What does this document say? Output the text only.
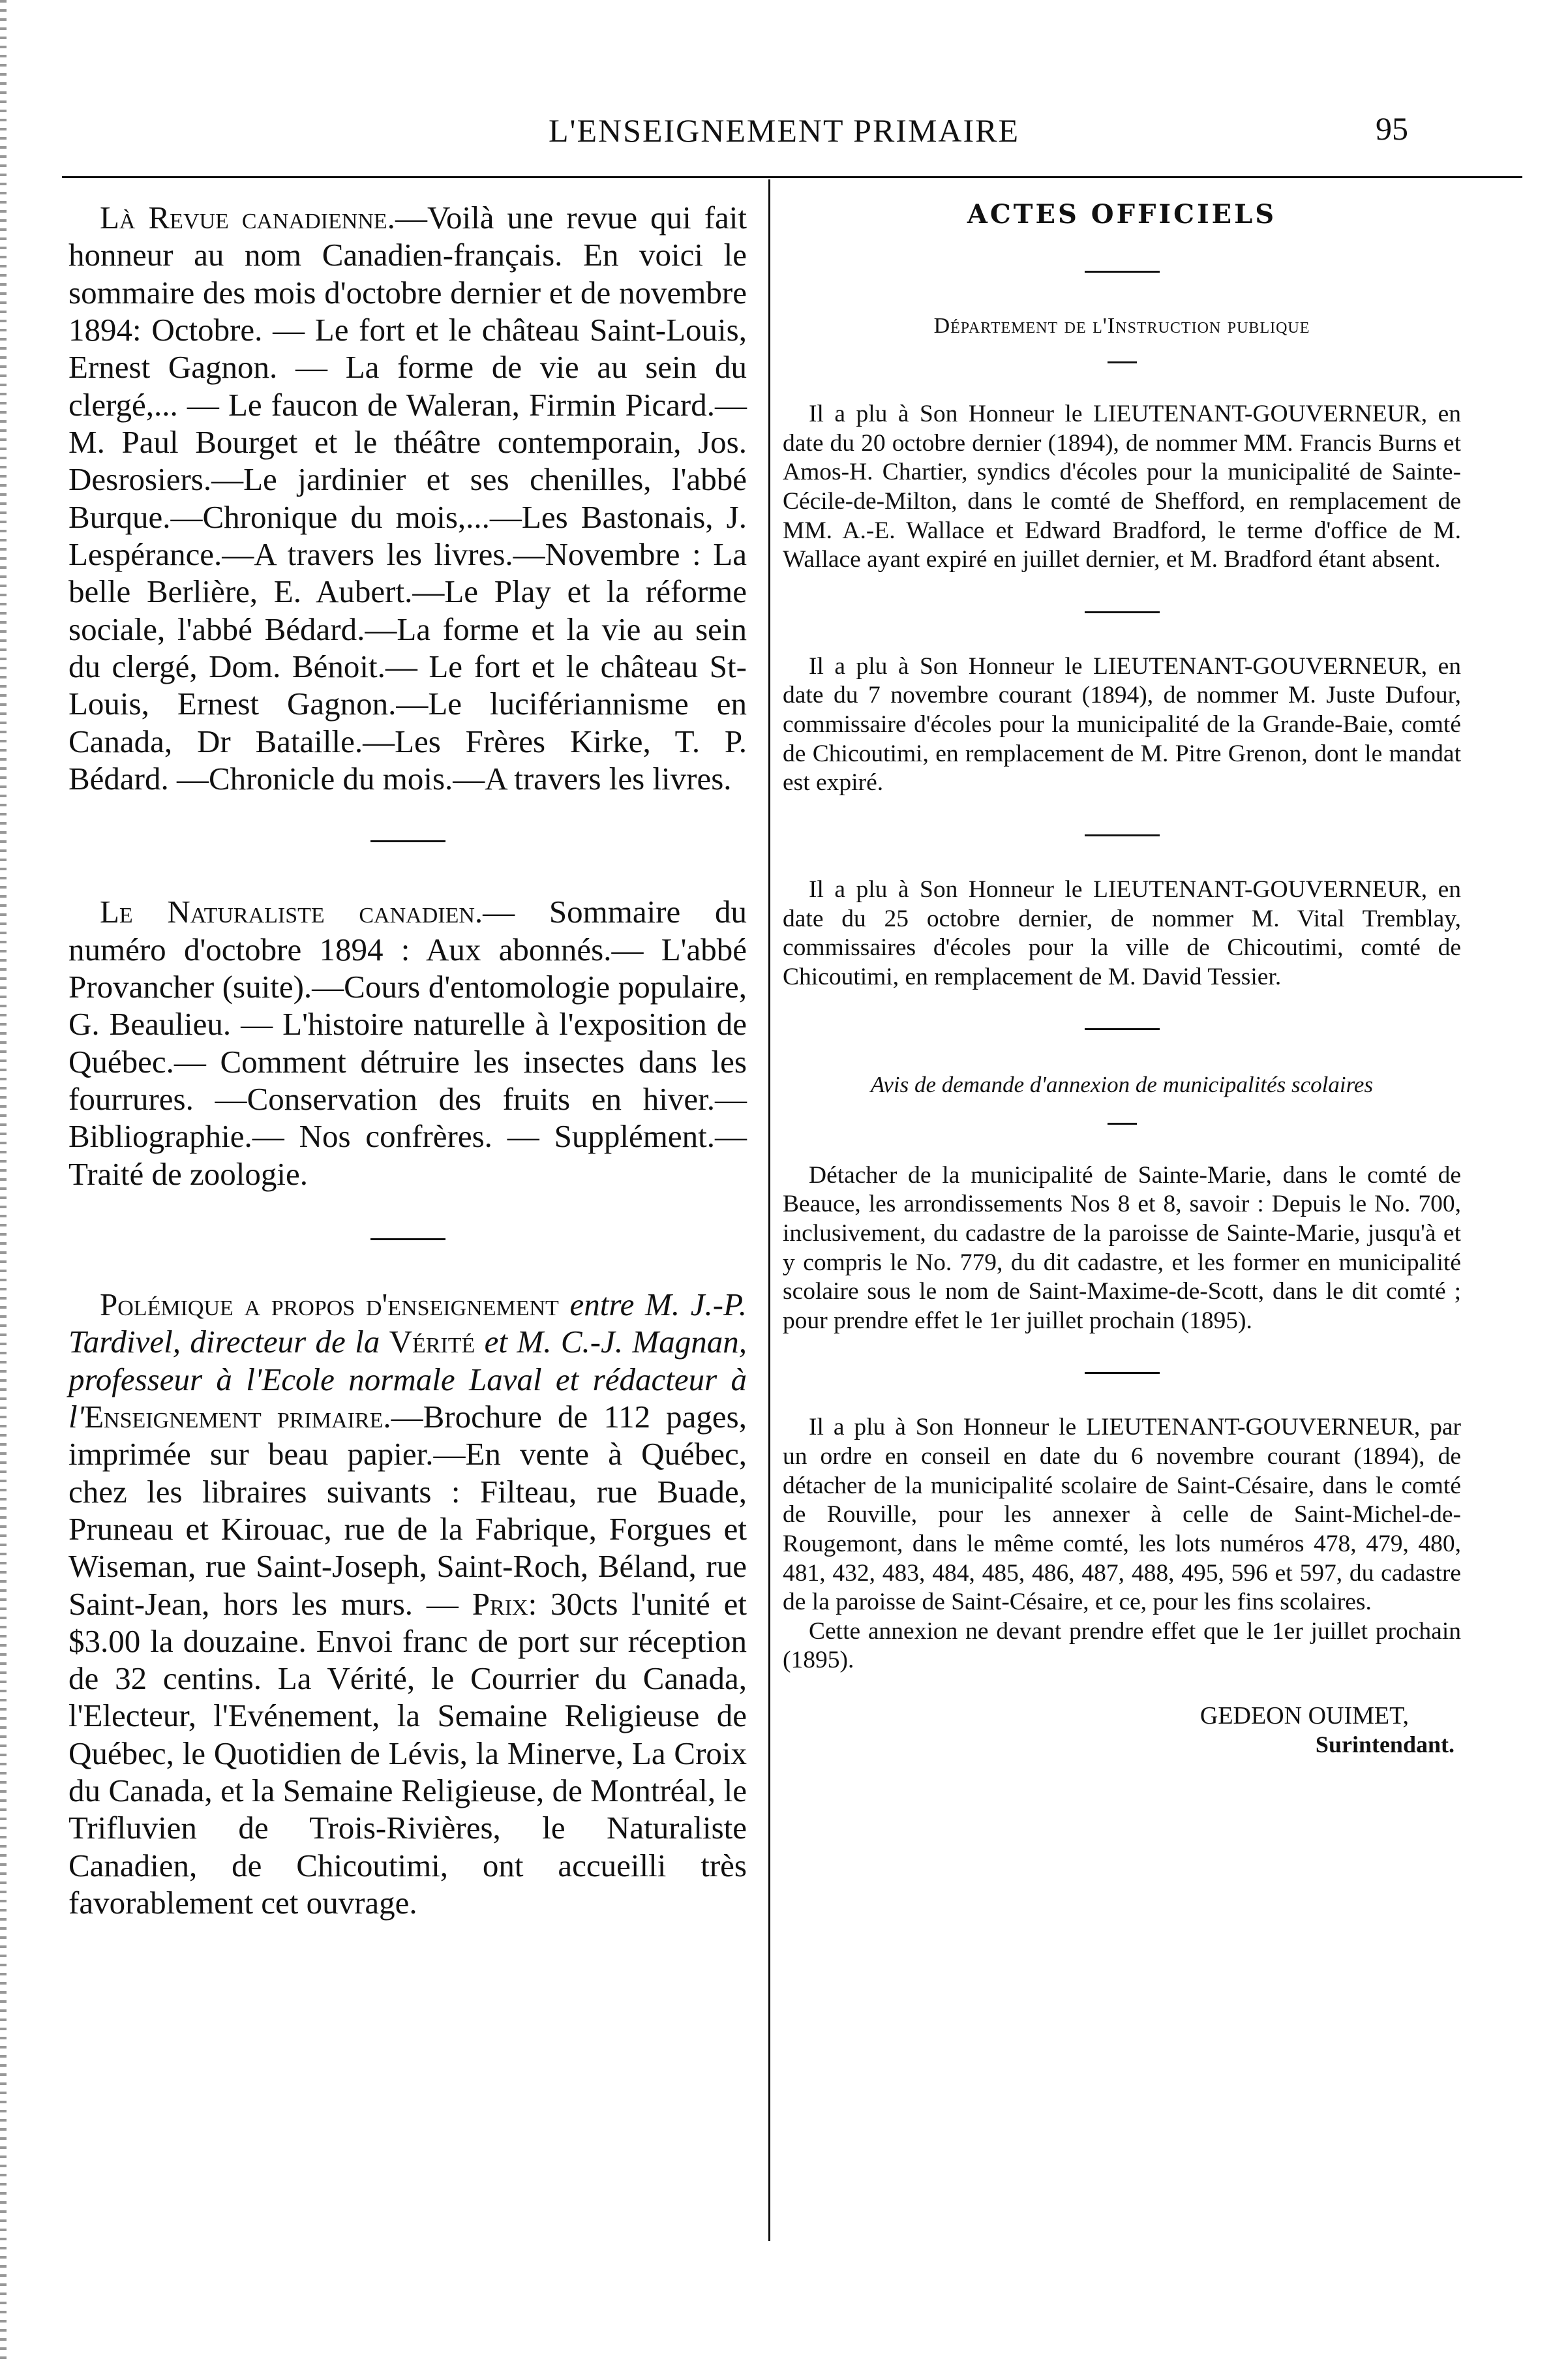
L'ENSEIGNEMENT PRIMAIRE	95

Là Revue canadienne.—Voilà une revue qui fait honneur au nom Canadien-français. En voici le sommaire des mois d'octobre dernier et de novembre 1894: Octobre. — Le fort et le château Saint-Louis, Ernest Gagnon. — La forme de vie au sein du clergé,... — Le faucon de Waleran, Firmin Picard.—M. Paul Bourget et le théâtre contemporain, Jos. Desrosiers.—Le jardinier et ses chenilles, l'abbé Burque.—Chronique du mois,...—Les Bastonais, J. Lespérance.—A travers les livres.—Novembre : La belle Berlière, E. Aubert.—Le Play et la réforme sociale, l'abbé Bédard.—La forme et la vie au sein du clergé, Dom. Bénoit.— Le fort et le château St-Louis, Ernest Gagnon.—Le lucifériannisme en Canada, Dr Bataille.—Les Frères Kirke, T. P. Bédard. —Chronicle du mois.—A travers les livres.

Le Naturaliste canadien.— Sommaire du numéro d'octobre 1894 : Aux abonnés.— L'abbé Provancher (suite).—Cours d'entomologie populaire, G. Beaulieu. — L'histoire naturelle à l'exposition de Québec.— Comment détruire les insectes dans les fourrures. —Conservation des fruits en hiver.—Bibliographie.— Nos confrères. — Supplément.— Traité de zoologie.

Polémique a propos d'enseignement entre M. J.-P. Tardivel, directeur de la Vérité et M. C.-J. Magnan, professeur à l'Ecole normale Laval et rédacteur à l'Enseignement primaire.—Brochure de 112 pages, imprimée sur beau papier.—En vente à Québec, chez les libraires suivants : Filteau, rue Buade, Pruneau et Kirouac, rue de la Fabrique, Forgues et Wiseman, rue Saint-Joseph, Saint-Roch, Béland, rue Saint-Jean, hors les murs. — Prix: 30cts l'unité et $3.00 la douzaine. Envoi franc de port sur réception de 32 centins. La Vérité, le Courrier du Canada, l'Electeur, l'Evénement, la Semaine Religieuse de Québec, le Quotidien de Lévis, la Minerve, La Croix du Canada, et la Semaine Religieuse, de Montréal, le Trifluvien de Trois-Rivières, le Naturaliste Canadien, de Chicoutimi, ont accueilli très favorablement cet ouvrage.

ACTES OFFICIELS

Département de l'Instruction publique

Il a plu à Son Honneur le LIEUTENANT-GOUVERNEUR, en date du 20 octobre dernier (1894), de nommer MM. Francis Burns et Amos-H. Chartier, syndics d'écoles pour la municipalité de Sainte-Cécile-de-Milton, dans le comté de Shefford, en remplacement de MM. A.-E. Wallace et Edward Bradford, le terme d'office de M. Wallace ayant expiré en juillet dernier, et M. Bradford étant absent.

Il a plu à Son Honneur le LIEUTENANT-GOUVERNEUR, en date du 7 novembre courant (1894), de nommer M. Juste Dufour, commissaire d'écoles pour la municipalité de la Grande-Baie, comté de Chicoutimi, en remplacement de M. Pitre Grenon, dont le mandat est expiré.

Il a plu à Son Honneur le LIEUTENANT-GOUVERNEUR, en date du 25 octobre dernier, de nommer M. Vital Tremblay, commissaires d'écoles pour la ville de Chicoutimi, comté de Chicoutimi, en remplacement de M. David Tessier.

Avis de demande d'annexion de municipalités scolaires

Détacher de la municipalité de Sainte-Marie, dans le comté de Beauce, les arrondissements Nos 8 et 8, savoir : Depuis le No. 700, inclusivement, du cadastre de la paroisse de Sainte-Marie, jusqu'à et y compris le No. 779, du dit cadastre, et les former en municipalité scolaire sous le nom de Saint-Maxime-de-Scott, dans le dit comté ; pour prendre effet le 1er juillet prochain (1895).

Il a plu à Son Honneur le LIEUTENANT-GOUVERNEUR, par un ordre en conseil en date du 6 novembre courant (1894), de détacher de la municipalité scolaire de Saint-Césaire, dans le comté de Rouville, pour les annexer à celle de Saint-Michel-de-Rougemont, dans le même comté, les lots numéros 478, 479, 480, 481, 432, 483, 484, 485, 486, 487, 488, 495, 596 et 597, du cadastre de la paroisse de Saint-Césaire, et ce, pour les fins scolaires.

Cette annexion ne devant prendre effet que le 1er juillet prochain (1895).

GEDEON OUIMET,

Surintendant.
